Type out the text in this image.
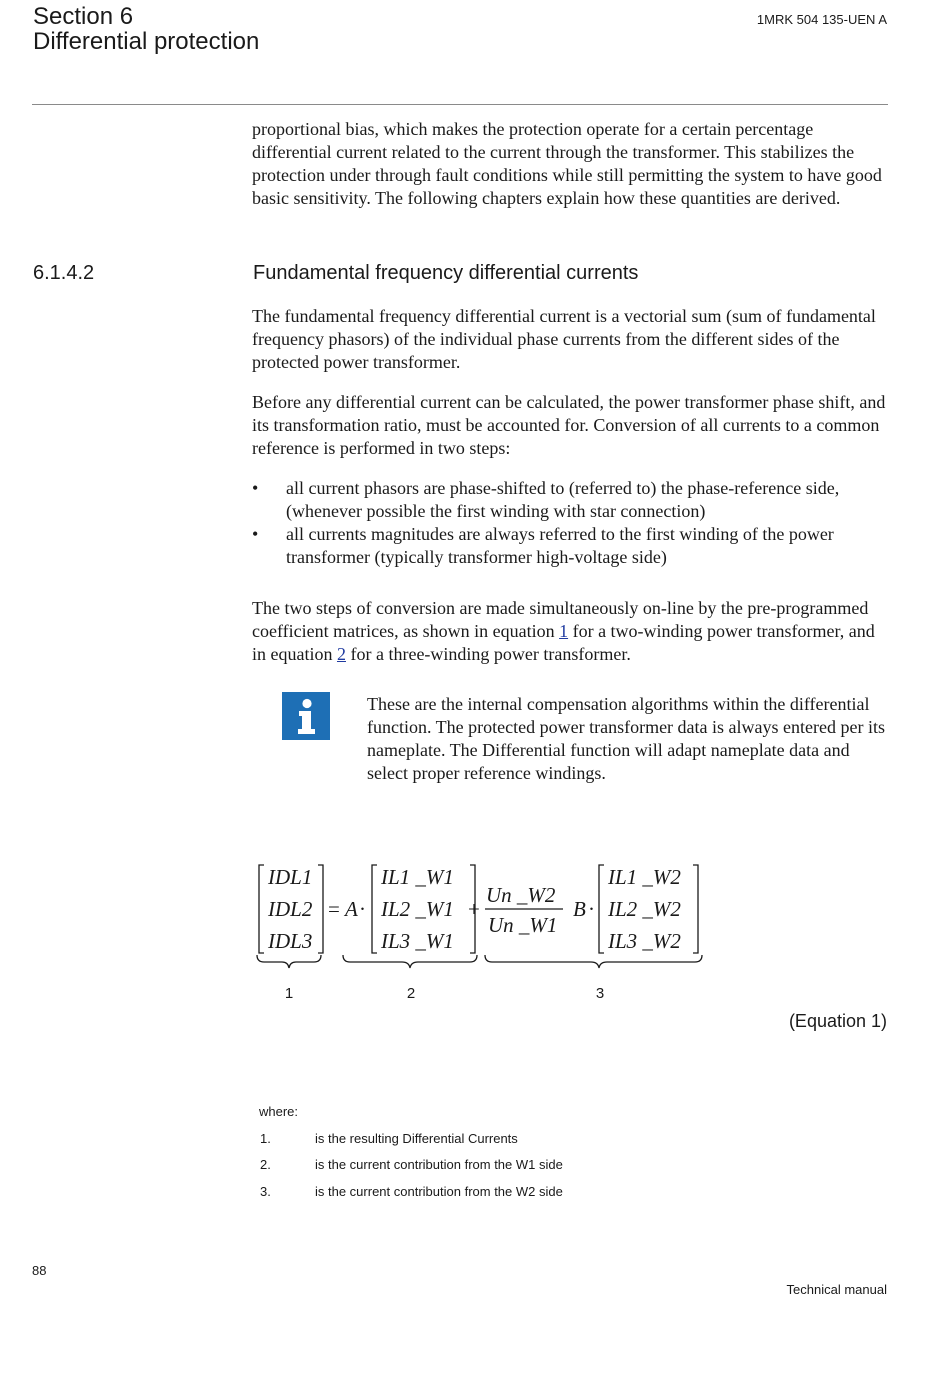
Section 6
Differential protection
1MRK 504 135-UEN A
proportional bias, which makes the protection operate for a certain percentage differential current related to the current through the transformer. This stabilizes the protection under through fault conditions while still permitting the system to have good basic sensitivity. The following chapters explain how these quantities are derived.
6.1.4.2	Fundamental frequency differential currents
The fundamental frequency differential current is a vectorial sum (sum of fundamental frequency phasors) of the individual phase currents from the different sides of the protected power transformer.
Before any differential current can be calculated, the power transformer phase shift, and its transformation ratio, must be accounted for. Conversion of all currents to a common reference is performed in two steps:
• all current phasors are phase-shifted to (referred to) the phase-reference side, (whenever possible the first winding with star connection)
• all currents magnitudes are always referred to the first winding of the power transformer (typically transformer high-voltage side)
The two steps of conversion are made simultaneously on-line by the pre-programmed coefficient matrices, as shown in equation 1 for a two-winding power transformer, and in equation 2 for a three-winding power transformer.
These are the internal compensation algorithms within the differential function. The protected power transformer data is always entered per its nameplate. The Differential function will adapt nameplate data and select proper reference windings.
IDL1
IDL2
IDL3
= A ·
IL1 _W1
IL2 _W1
IL3 _W1
+
Un _W2
Un _W1
B ·
IL1 _W2
IL2 _W2
IL3 _W2
1	2	3
(Equation 1)
where:
1.	is the resulting Differential Currents
2.	is the current contribution from the W1 side
3.	is the current contribution from the W2 side
88
Technical manual
